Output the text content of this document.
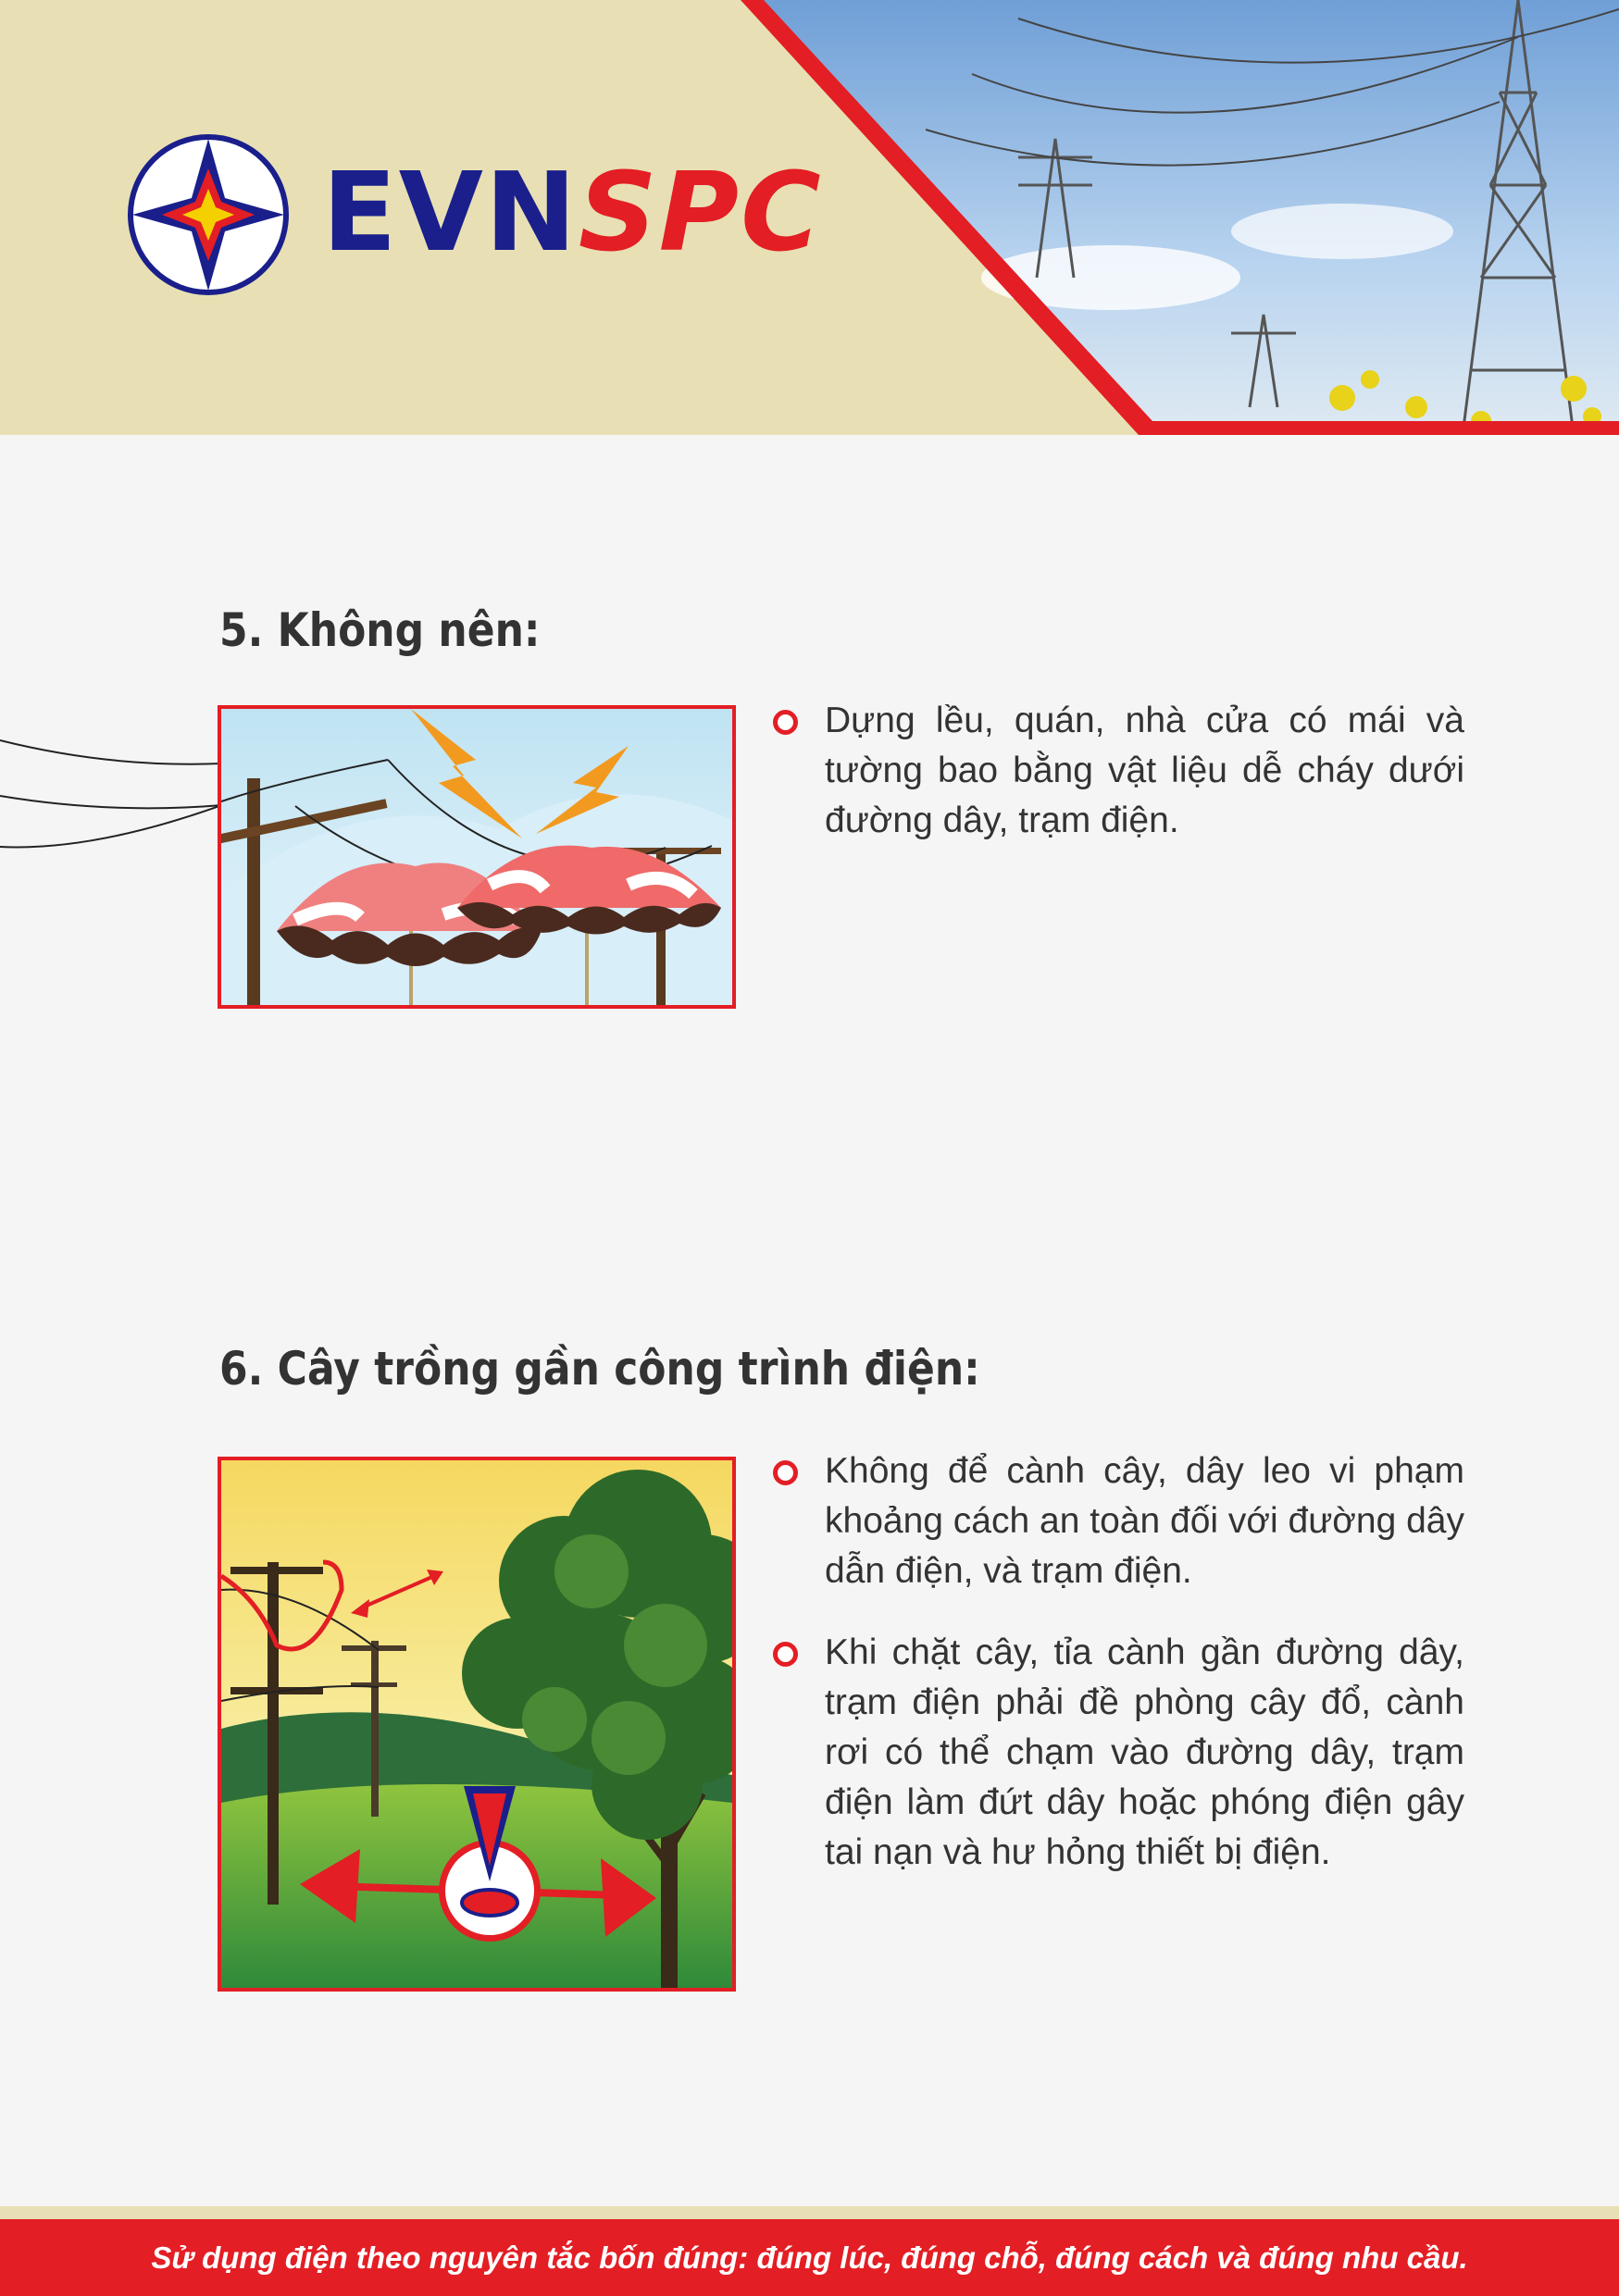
EVNSPC
5. Không nên:
Dựng lều, quán, nhà cửa có mái và tường bao bằng vật liệu dễ cháy dưới đường dây, trạm điện.
6. Cây trồng gần công trình điện:
Không để cành cây, dây leo vi phạm khoảng cách an toàn đối với đường dây dẫn điện, và trạm điện.
Khi chặt cây, tỉa cành gần đường dây, trạm điện phải đề phòng cây đổ, cành rơi có thể chạm vào đường dây, trạm điện làm đứt dây hoặc phóng điện gây tai nạn và hư hỏng thiết bị điện.
Sử dụng điện theo nguyên tắc bốn đúng: đúng lúc, đúng chỗ, đúng cách và đúng nhu cầu.
